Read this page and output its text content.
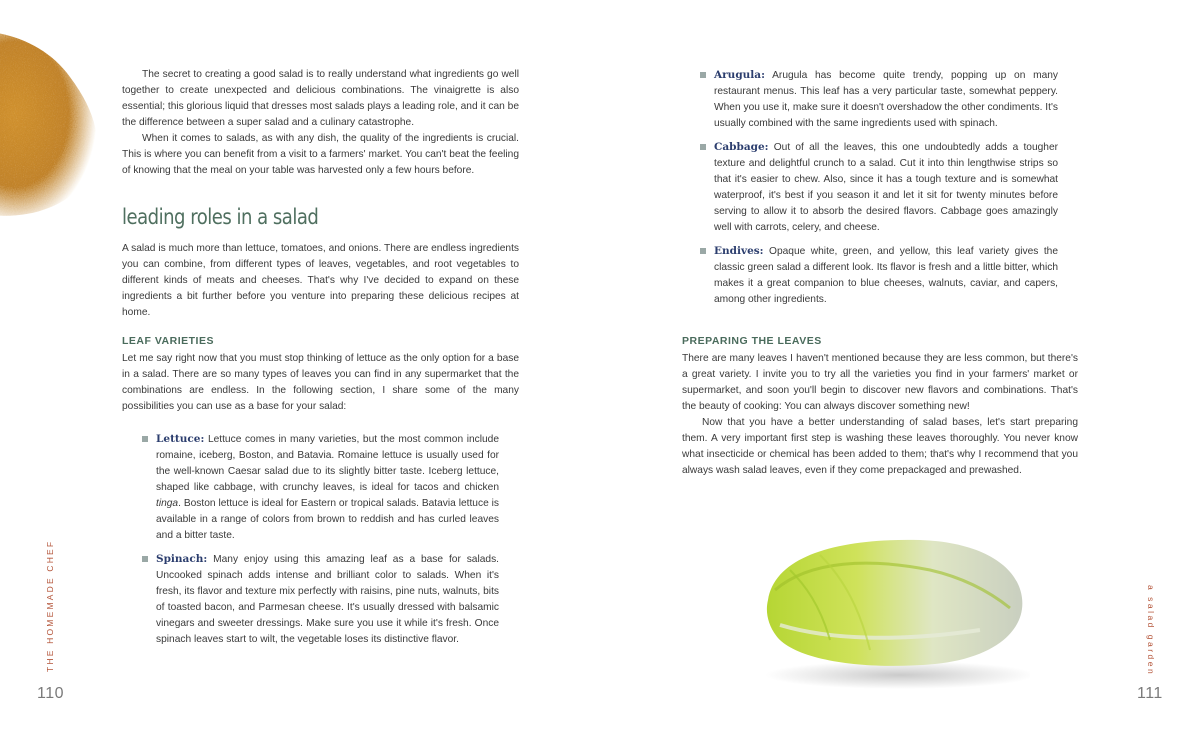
The secret to creating a good salad is to really understand what ingredients go well together to create unexpected and delicious combinations. The vinaigrette is also essential; this glorious liquid that dresses most salads plays a leading role, and it can be the difference between a super salad and a culinary catastrophe.

When it comes to salads, as with any dish, the quality of the ingredients is crucial. This is where you can benefit from a visit to a farmers' market. You can't beat the feeling of knowing that the meal on your table was harvested only a few hours before.

leading roles in a salad

A salad is much more than lettuce, tomatoes, and onions. There are endless ingredients you can combine, from different types of leaves, vegetables, and root vegetables to different kinds of meats and cheeses. That's why I've decided to expand on these ingredients a bit further before you venture into preparing these delicious recipes at home.

LEAF VARIETIES

Let me say right now that you must stop thinking of lettuce as the only option for a base in a salad. There are so many types of leaves you can find in any supermarket that the combinations are endless. In the following section, I share some of the many possibilities you can use as a base for your salad:

Lettuce: Lettuce comes in many varieties, but the most common include romaine, iceberg, Boston, and Batavia. Romaine lettuce is usually used for the well-known Caesar salad due to its slightly bitter taste. Iceberg lettuce, shaped like cabbage, with crunchy leaves, is ideal for tacos and chicken tinga. Boston lettuce is ideal for Eastern or tropical salads. Batavia lettuce is available in a range of colors from brown to reddish and has curled leaves and a bitter taste.

Spinach: Many enjoy using this amazing leaf as a base for salads. Uncooked spinach adds intense and brilliant color to salads. When it's fresh, its flavor and texture mix perfectly with raisins, pine nuts, walnuts, bits of toasted bacon, and Parmesan cheese. It's usually dressed with balsamic vinegars and sweeter dressings. Make sure you use it while it's fresh. Once spinach leaves start to wilt, the vegetable loses its distinctive flavor.

THE HOMEMADE CHEF
110

Arugula: Arugula has become quite trendy, popping up on many restaurant menus. This leaf has a very particular taste, somewhat peppery. When you use it, make sure it doesn't overshadow the other condiments. It's usually combined with the same ingredients used with spinach.

Cabbage: Out of all the leaves, this one undoubtedly adds a tougher texture and delightful crunch to a salad. Cut it into thin lengthwise strips so that it's easier to chew. Also, since it has a tough texture and is somewhat waterproof, it's best if you season it and let it sit for twenty minutes before serving to allow it to absorb the desired flavors. Cabbage goes amazingly well with carrots, celery, and cheese.

Endives: Opaque white, green, and yellow, this leaf variety gives the classic green salad a different look. Its flavor is fresh and a little bitter, which makes it a great companion to blue cheeses, walnuts, caviar, and capers, among other ingredients.

PREPARING THE LEAVES

There are many leaves I haven't mentioned because they are less common, but there's a great variety. I invite you to try all the varieties you find in your farmers' market or supermarket, and soon you'll begin to discover new flavors and combinations. That's the beauty of cooking: You can always discover something new!

Now that you have a better understanding of salad bases, let's start preparing them. A very important first step is washing these leaves thoroughly. You never know what insecticide or chemical has been added to them; that's why I recommend that you always wash salad leaves, even if they come prepackaged and prewashed.

a salad garden
111
